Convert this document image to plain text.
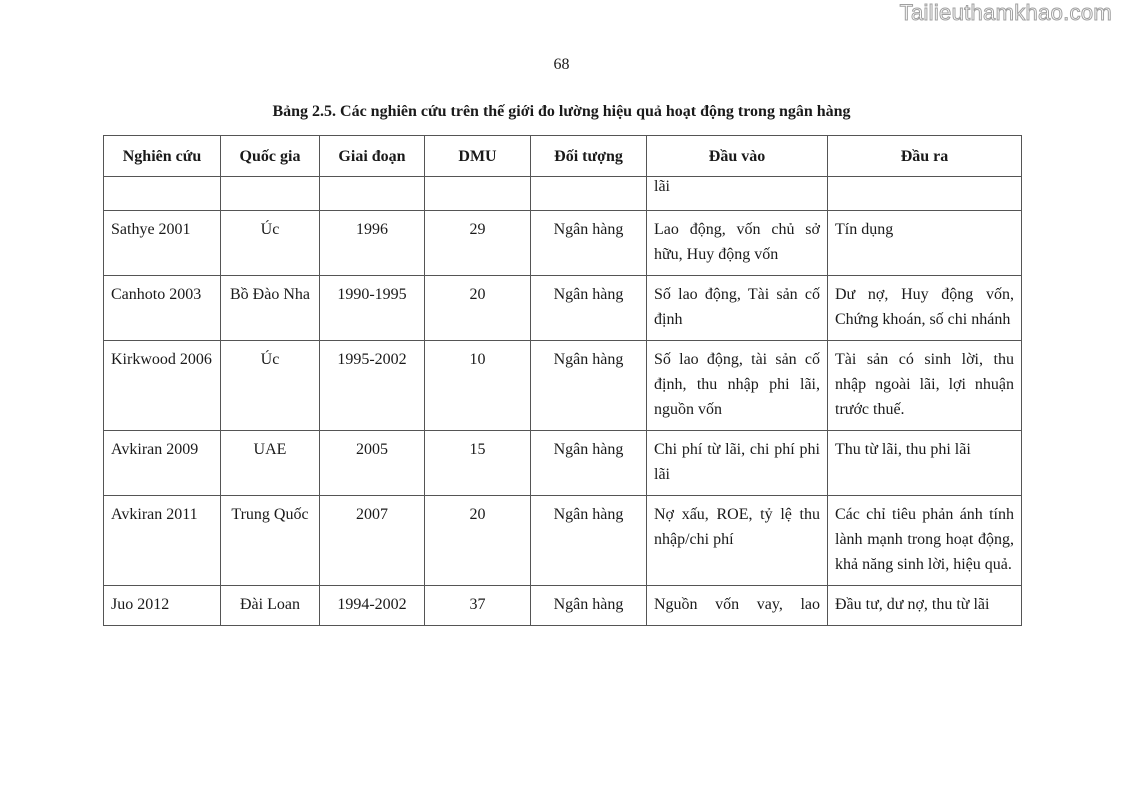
Tailieuthamkhao.com
68
Bảng 2.5. Các nghiên cứu trên thế giới đo lường hiệu quả hoạt động trong ngân hàng
Nghiên cứu	Quốc gia	Giai đoạn	DMU	Đối tượng	Đầu vào	Đầu ra

					lãi	

Sathye 2001	Úc	1996	29	Ngân hàng	Lao động, vốn chủ sở hữu, Huy động vốn	Tín dụng
Canhoto 2003	Bồ Đào Nha	1990-1995	20	Ngân hàng	Số lao động, Tài sản cố định	Dư nợ, Huy động vốn, Chứng khoán, số chi nhánh
Kirkwood 2006	Úc	1995-2002	10	Ngân hàng	Số lao động, tài sản cố định, thu nhập phi lãi, nguồn vốn	Tài sản có sinh lời, thu nhập ngoài lãi, lợi nhuận trước thuế.
Avkiran 2009	UAE	2005	15	Ngân hàng	Chi phí từ lãi, chi phí phi lãi	Thu từ lãi, thu phi lãi
Avkiran 2011	Trung Quốc	2007	20	Ngân hàng	Nợ xấu, ROE, tỷ lệ thu nhập/chi phí	Các chỉ tiêu phản ánh tính lành mạnh trong hoạt động, khả năng sinh lời, hiệu quả.
Juo 2012	Đài Loan	1994-2002	37	Ngân hàng	Nguồn vốn vay, lao	Đầu tư, dư nợ, thu từ lãi
